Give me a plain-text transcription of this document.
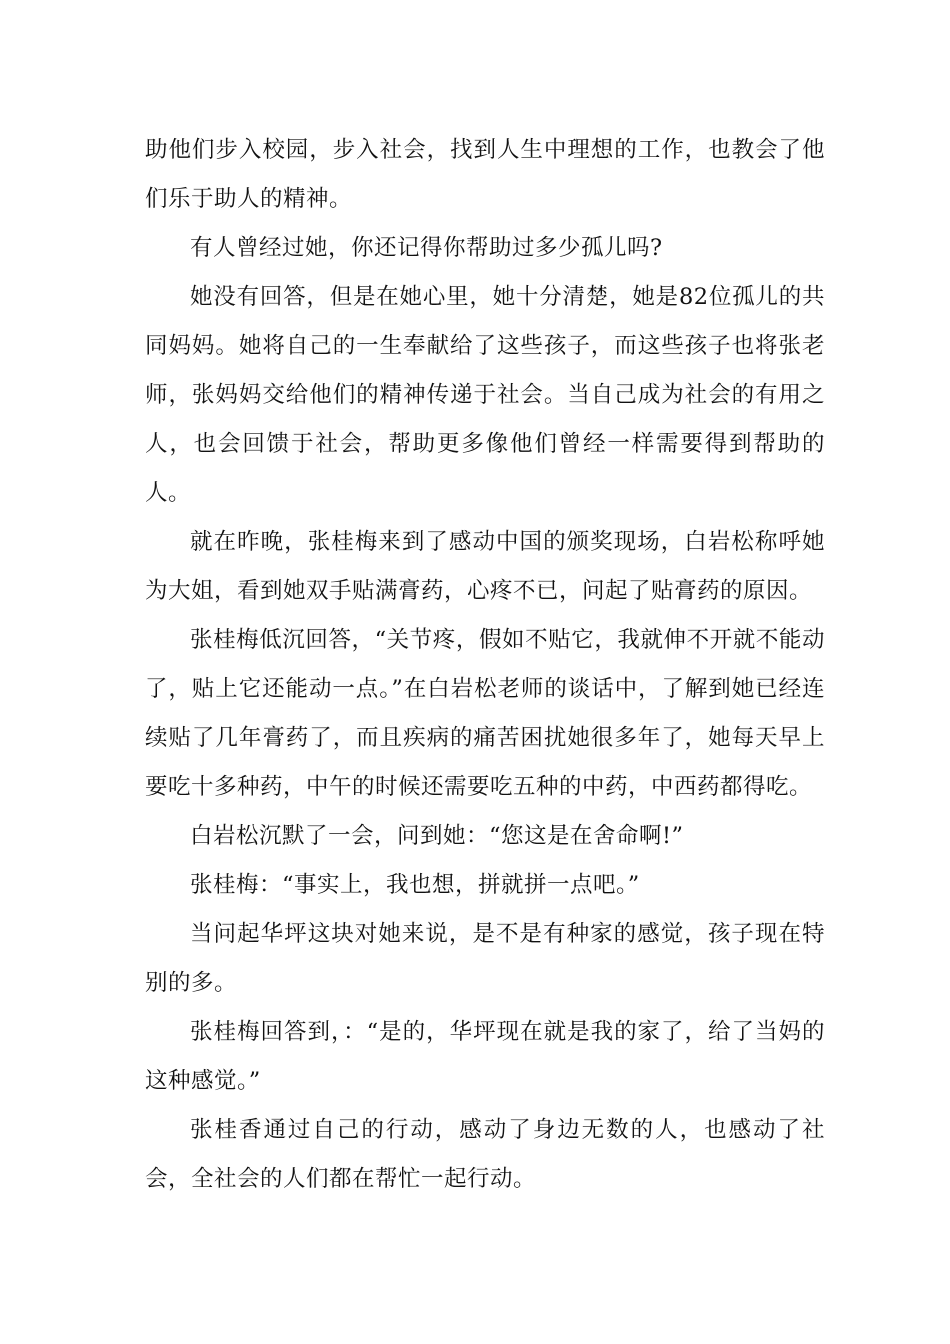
助他们步入校园，步入社会，找到人生中理想的工作，也教会了他们乐于助人的精神。

有人曾经过她，你还记得你帮助过多少孤儿吗?

她没有回答，但是在她心里，她十分清楚，她是82位孤儿的共同妈妈。她将自己的一生奉献给了这些孩子，而这些孩子也将张老师，张妈妈交给他们的精神传递于社会。当自己成为社会的有用之人，也会回馈于社会，帮助更多像他们曾经一样需要得到帮助的人。

就在昨晚，张桂梅来到了感动中国的颁奖现场，白岩松称呼她为大姐，看到她双手贴满膏药，心疼不已，问起了贴膏药的原因。

张桂梅低沉回答，“关节疼，假如不贴它，我就伸不开就不能动了，贴上它还能动一点。”在白岩松老师的谈话中，了解到她已经连续贴了几年膏药了，而且疾病的痛苦困扰她很多年了，她每天早上要吃十多种药，中午的时候还需要吃五种的中药，中西药都得吃。

白岩松沉默了一会，问到她：“您这是在舍命啊!”

张桂梅：“事实上，我也想，拼就拼一点吧。”

当问起华坪这块对她来说，是不是有种家的感觉，孩子现在特别的多。

张桂梅回答到，：“是的，华坪现在就是我的家了，给了当妈的这种感觉。”

张桂香通过自己的行动，感动了身边无数的人，也感动了社会，全社会的人们都在帮忙一起行动。
